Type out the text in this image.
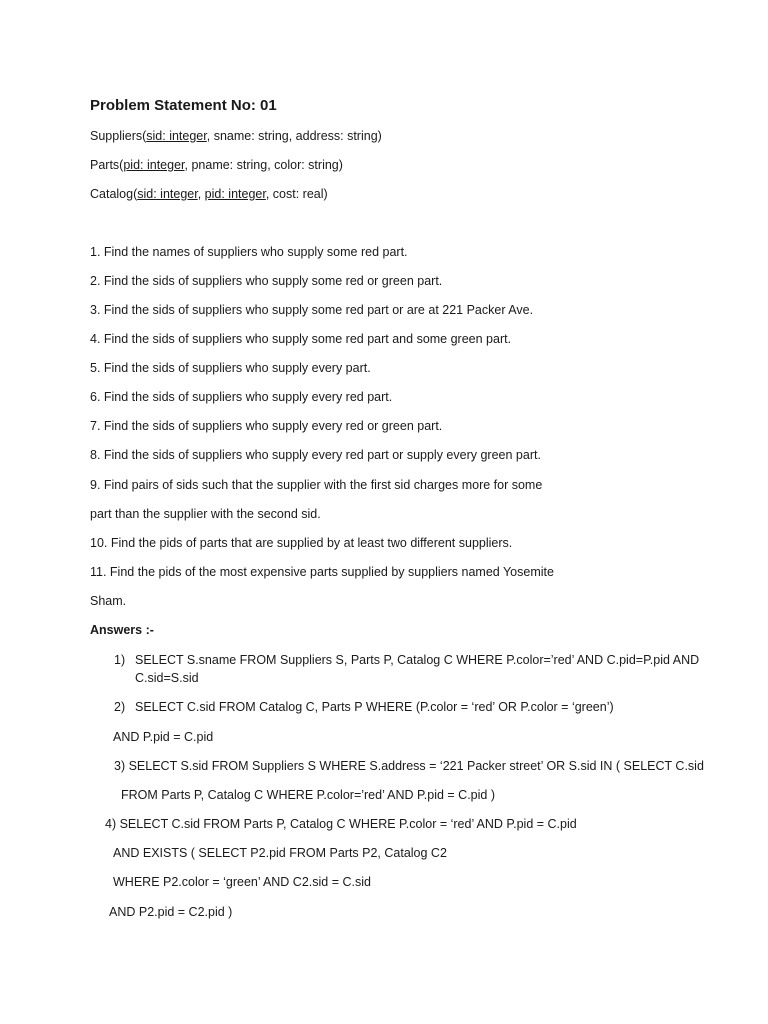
Problem Statement No: 01
Suppliers(sid: integer, sname: string, address: string)
Parts(pid: integer, pname: string, color: string)
Catalog(sid: integer, pid: integer, cost: real)
1. Find the names of suppliers who supply some red part.
2. Find the sids of suppliers who supply some red or green part.
3. Find the sids of suppliers who supply some red part or are at 221 Packer Ave.
4. Find the sids of suppliers who supply some red part and some green part.
5. Find the sids of suppliers who supply every part.
6. Find the sids of suppliers who supply every red part.
7. Find the sids of suppliers who supply every red or green part.
8. Find the sids of suppliers who supply every red part or supply every green part.
9. Find pairs of sids such that the supplier with the first sid charges more for some
part than the supplier with the second sid.
10. Find the pids of parts that are supplied by at least two different suppliers.
11. Find the pids of the most expensive parts supplied by suppliers named Yosemite
Sham.
Answers :-
1) SELECT S.sname FROM Suppliers S, Parts P, Catalog C WHERE P.color=’red’ AND C.pid=P.pid AND
C.sid=S.sid
2) SELECT C.sid FROM Catalog C, Parts P WHERE (P.color = ‘red’ OR P.color = ‘green’)
AND P.pid = C.pid
3) SELECT S.sid FROM Suppliers S WHERE S.address = ‘221 Packer street’ OR S.sid IN ( SELECT C.sid
FROM Parts P, Catalog C WHERE P.color=’red’ AND P.pid = C.pid )
4) SELECT C.sid FROM Parts P, Catalog C WHERE P.color = ‘red’ AND P.pid = C.pid
AND EXISTS ( SELECT P2.pid FROM Parts P2, Catalog C2
WHERE P2.color = ‘green’ AND C2.sid = C.sid
AND P2.pid = C2.pid )
